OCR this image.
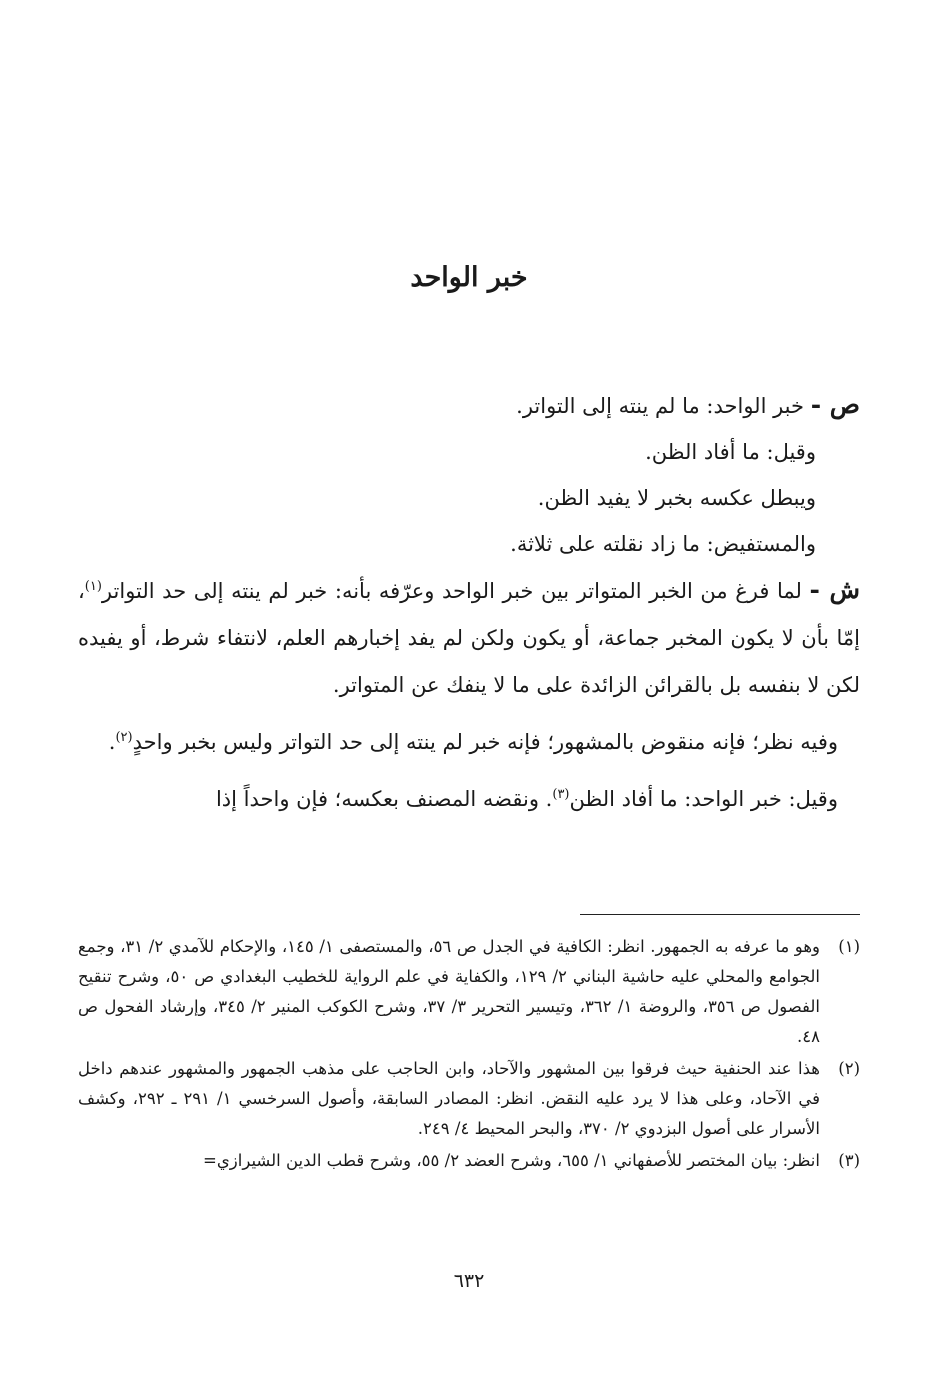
خبر الواحد

ص - خبر الواحد: ما لم ينته إلى التواتر.

وقيل: ما أفاد الظن.

ويبطل عكسه بخبر لا يفيد الظن.

والمستفيض: ما زاد نقلته على ثلاثة.

ش - لما فرغ من الخبر المتواتر بين خبر الواحد وعرّفه بأنه: خبر لم ينته إلى حد التواتر$^{(١)}$، إمّا بأن لا يكون المخبر جماعة، أو يكون ولكن لم يفد إخبارهم العلم، لانتفاء شرط، أو يفيده لكن لا بنفسه بل بالقرائن الزائدة على ما لا ينفك عن المتواتر.

وفيه نظر؛ فإنه منقوض بالمشهور؛ فإنه خبر لم ينته إلى حد التواتر وليس بخبر واحدٍ$^{(٢)}$.

وقيل: خبر الواحد: ما أفاد الظن$^{(٣)}$. ونقضه المصنف بعكسه؛ فإن واحداً إذا

(١)
وهو ما عرفه به الجمهور. انظر: الكافية في الجدل ص ٥٦، والمستصفى ١/ ١٤٥، والإحكام للآمدي ٢/ ٣١، وجمع الجوامع والمحلي عليه حاشية البناني ٢/ ١٢٩، والكفاية في علم الرواية للخطيب البغدادي ص ٥٠، وشرح تنقيح الفصول ص ٣٥٦، والروضة ١/ ٣٦٢، وتيسير التحرير ٣/ ٣٧، وشرح الكوكب المنير ٢/ ٣٤٥، وإرشاد الفحول ص ٤٨.
(٢)
هذا عند الحنفية حيث فرقوا بين المشهور والآحاد، وابن الحاجب على مذهب الجمهور والمشهور عندهم داخل في الآحاد، وعلى هذا لا يرد عليه النقض. انظر: المصادر السابقة، وأصول السرخسي ١/ ٢٩١ ـ ٢٩٢، وكشف الأسرار على أصول البزدوي ٢/ ٣٧٠، والبحر المحيط ٤/ ٢٤٩.
(٣)
انظر: بيان المختصر للأصفهاني ١/ ٦٥٥، وشرح العضد ٢/ ٥٥، وشرح قطب الدين الشيرازي=
٦٣٢
